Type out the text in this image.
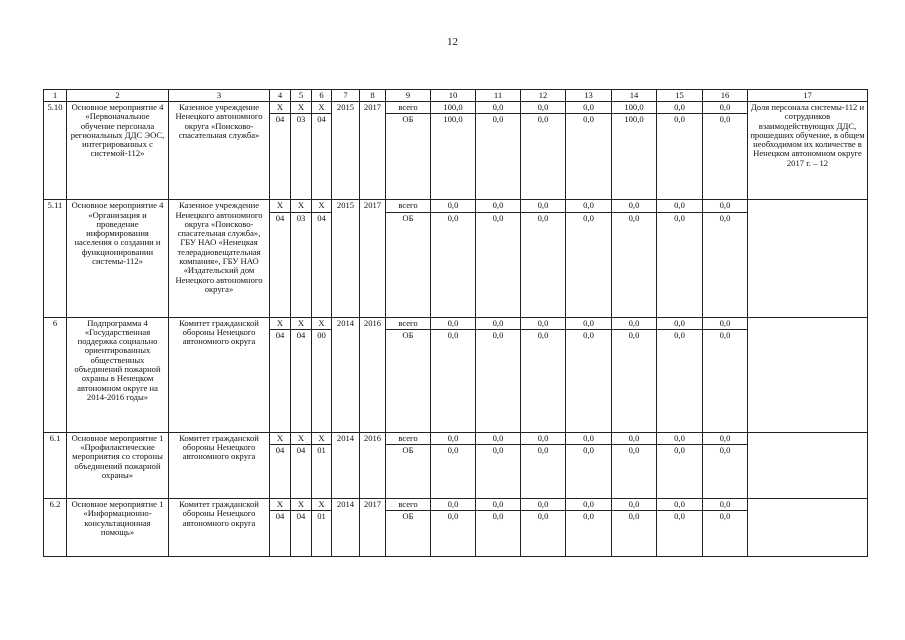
12
1	2	3	4	5	6	7	8	9	10	11	12	13	14	15	16	17
5.10	Основное мероприятие 4 «Первоначальное обучение персонала региональных ДДС ЭОС, интегрированных с системой-112»	Казенное учреждение Ненецкого автономного округа «Поисково-спасательная служба»	Х	Х	Х	2015	2017	всего	100,0	0,0	0,0	0,0	100,0	0,0	0,0	Доля персонала системы-112 и сотрудников взаимодействующих ДДС, прошедших обучение, в общем необходимом их количестве в Ненецком автономном округе 2017 г. – 12
			04	03	04			ОБ	100,0	0,0	0,0	0,0	100,0	0,0	0,0	
5.11	Основное мероприятие 4 «Организация и проведение информирования населения о создании и функционировании системы-112»	Казенное учреждение Ненецкого автономного округа «Поисково-спасательная служба», ГБУ НАО «Ненецкая телерадиовещательная компания», ГБУ НАО «Издательский дом Ненецкого автономного округа»	Х	Х	Х	2015	2017	всего	0,0	0,0	0,0	0,0	0,0	0,0	0,0	
			04	03	04			ОБ	0,0	0,0	0,0	0,0	0,0	0,0	0,0	
6	Подпрограмма 4 «Государственная поддержка социально ориентированных общественных объединений пожарной охраны в Ненецком автономном округе на 2014-2016 годы»	Комитет гражданской обороны Ненецкого автономного округа	Х	Х	Х	2014	2016	всего	0,0	0,0	0,0	0,0	0,0	0,0	0,0	
			04	04	00			ОБ	0,0	0,0	0,0	0,0	0,0	0,0	0,0	
6.1	Основное мероприятие 1 «Профилактические мероприятия со стороны объединений пожарной охраны»	Комитет гражданской обороны Ненецкого автономного округа	Х	Х	Х	2014	2016	всего	0,0	0,0	0,0	0,0	0,0	0,0	0,0	
			04	04	01			ОБ	0,0	0,0	0,0	0,0	0,0	0,0	0,0	
6.2	Основное мероприятие 1 «Информационно-консультационная помощь»	Комитет гражданской обороны Ненецкого автономного округа	Х	Х	Х	2014	2017	всего	0,0	0,0	0,0	0,0	0,0	0,0	0,0	
			04	04	01			ОБ	0,0	0,0	0,0	0,0	0,0	0,0	0,0	
